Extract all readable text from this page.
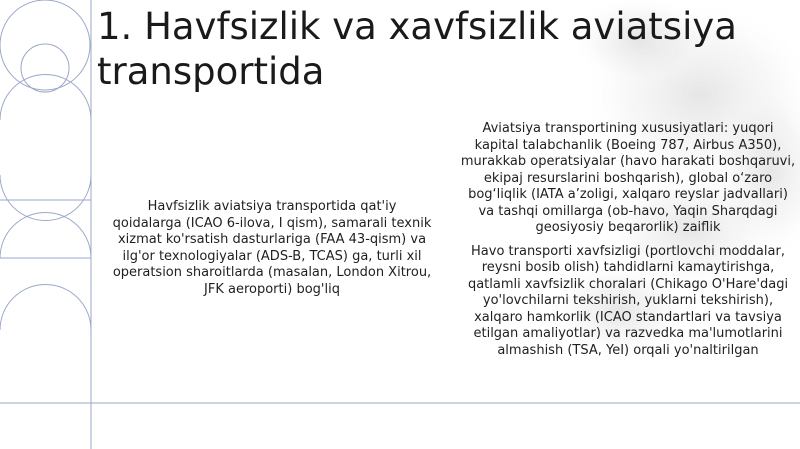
1. Havfsizlik va xavfsizlik aviatsiya transportida

Havfsizlik aviatsiya transportida qat'iy qoidalarga (ICAO 6-ilova, I qism), samarali texnik xizmat ko'rsatish dasturlariga (FAA 43-qism) va ilg'or texnologiyalar (ADS-B, TCAS) ga, turli xil operatsion sharoitlarda (masalan, London Xitrou, JFK aeroporti) bog'liq

Aviatsiya transportining xususiyatlari: yuqori kapital talabchanlik (Boeing 787, Airbus A350), murakkab operatsiyalar (havo harakati boshqaruvi, ekipaj resurslarini boshqarish), global o‘zaro bog‘liqlik (IATA a’zoligi, xalqaro reyslar jadvallari) va tashqi omillarga (ob-havo, Yaqin Sharqdagi geosiyosiy beqarorlik) zaiflik

Havo transporti xavfsizligi (portlovchi moddalar, reysni bosib olish) tahdidlarni kamaytirishga, qatlamli xavfsizlik choralari (Chikago O'Hare'dagi yo'lovchilarni tekshirish, yuklarni tekshirish), xalqaro hamkorlik (ICAO standartlari va tavsiya etilgan amaliyotlar) va razvedka ma'lumotlarini almashish (TSA, YeI) orqali yo'naltirilgan
